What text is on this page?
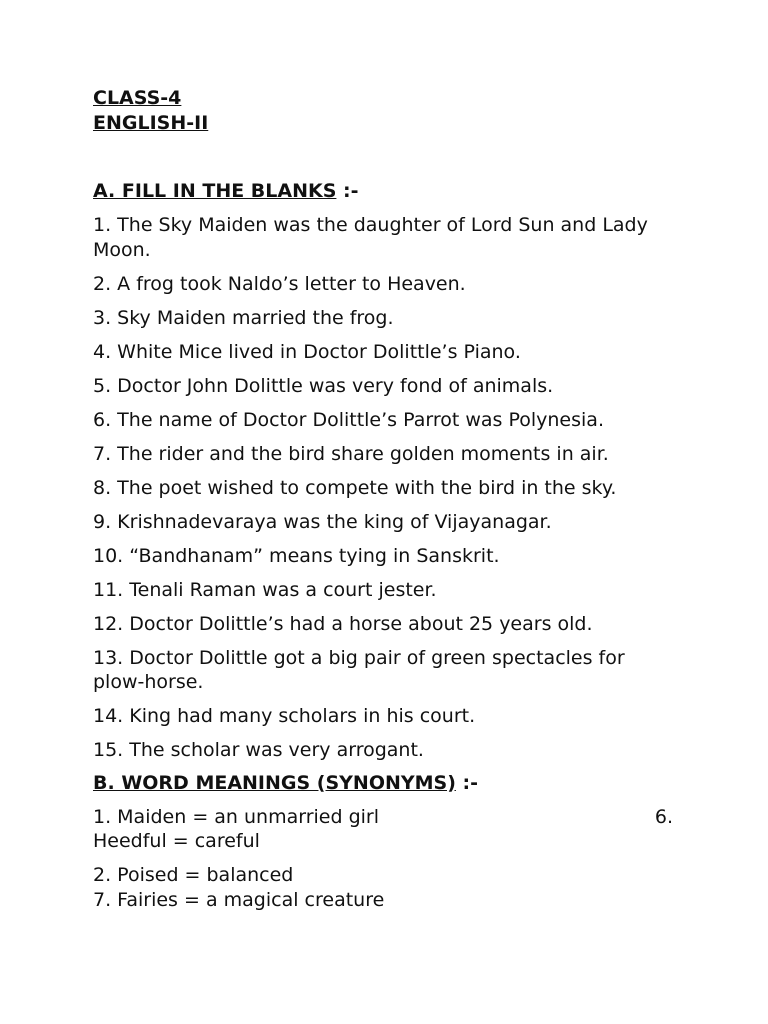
CLASS-4

ENGLISH-II

A. FILL IN THE BLANKS :-

1. The Sky Maiden was the daughter of Lord Sun and Lady Moon.

2. A frog took Naldo’s letter to Heaven.

3. Sky Maiden married the frog.

4. White Mice lived in Doctor Dolittle’s Piano.

5. Doctor John Dolittle was very fond of animals.

6. The name of Doctor Dolittle’s Parrot was Polynesia.

7. The rider and the bird share golden moments in air.

8. The poet wished to compete with the bird in the sky.

9. Krishnadevaraya was the king of Vijayanagar.

10. “Bandhanam” means tying in Sanskrit.

11. Tenali Raman was a court jester.

12. Doctor Dolittle’s had a horse about 25 years old.

13. Doctor Dolittle got a big pair of green spectacles for plow-horse.

14. King had many scholars in his court.

15. The scholar was very arrogant.

B. WORD MEANINGS (SYNONYMS) :-

1. Maiden = an unmarried girl	6.

Heedful = careful

2. Poised = balanced

7. Fairies = a magical creature
